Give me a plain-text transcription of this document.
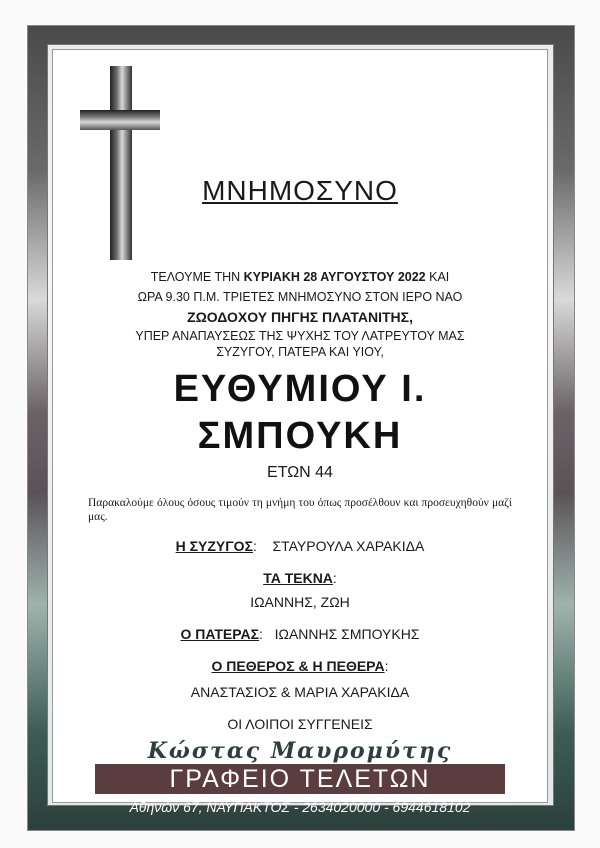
ΜΝΗΜΟΣΥΝΟ
ΤΕΛΟΥΜΕ ΤΗΝ ΚΥΡΙΑΚΗ 28 ΑΥΓΟΥΣΤΟΥ 2022 ΚΑΙ
ΩΡΑ 9.30 Π.Μ. ΤΡΙΕΤΕΣ ΜΝΗΜΟΣΥΝΟ ΣΤΟΝ ΙΕΡΟ ΝΑΟ
ΖΩΟΔΟΧΟΥ ΠΗΓΗΣ ΠΛΑΤΑΝΙΤΗΣ,
ΥΠΕΡ ΑΝΑΠΑΥΣΕΩΣ ΤΗΣ ΨΥΧΗΣ ΤΟΥ ΛΑΤΡΕΥΤΟΥ ΜΑΣ
ΣΥΖΥΓΟΥ, ΠΑΤΕΡΑ ΚΑΙ ΥΙΟΥ,
ΕΥΘΥΜΙΟΥ Ι.
ΣΜΠΟΥΚΗ
ΕΤΩΝ 44
Παρακαλούμε όλους όσους τιμούν τη μνήμη του όπως προσέλθουν και προσευχηθούν μαζί μας.
Η ΣΥΖΥΓΟΣ:    ΣΤΑΥΡΟΥΛΑ ΧΑΡΑΚΙΔΑ
ΤΑ ΤΕΚΝΑ:
ΙΩΑΝΝΗΣ, ΖΩΗ
Ο ΠΑΤΕΡΑΣ:   ΙΩΑΝΝΗΣ ΣΜΠΟΥΚΗΣ
Ο ΠΕΘΕΡΟΣ & Η ΠΕΘΕΡΑ:
ΑΝΑΣΤΑΣΙΟΣ & ΜΑΡΙΑ ΧΑΡΑΚΙΔΑ
ΟΙ ΛΟΙΠΟΙ ΣΥΓΓΕΝΕΙΣ
Κώστας Μαυρομύτης
ΓΡΑΦΕΙΟ ΤΕΛΕΤΩΝ
Αθηνών 67, ΝΑΥΠΑΚΤΟΣ - 2634020000 - 6944618102
